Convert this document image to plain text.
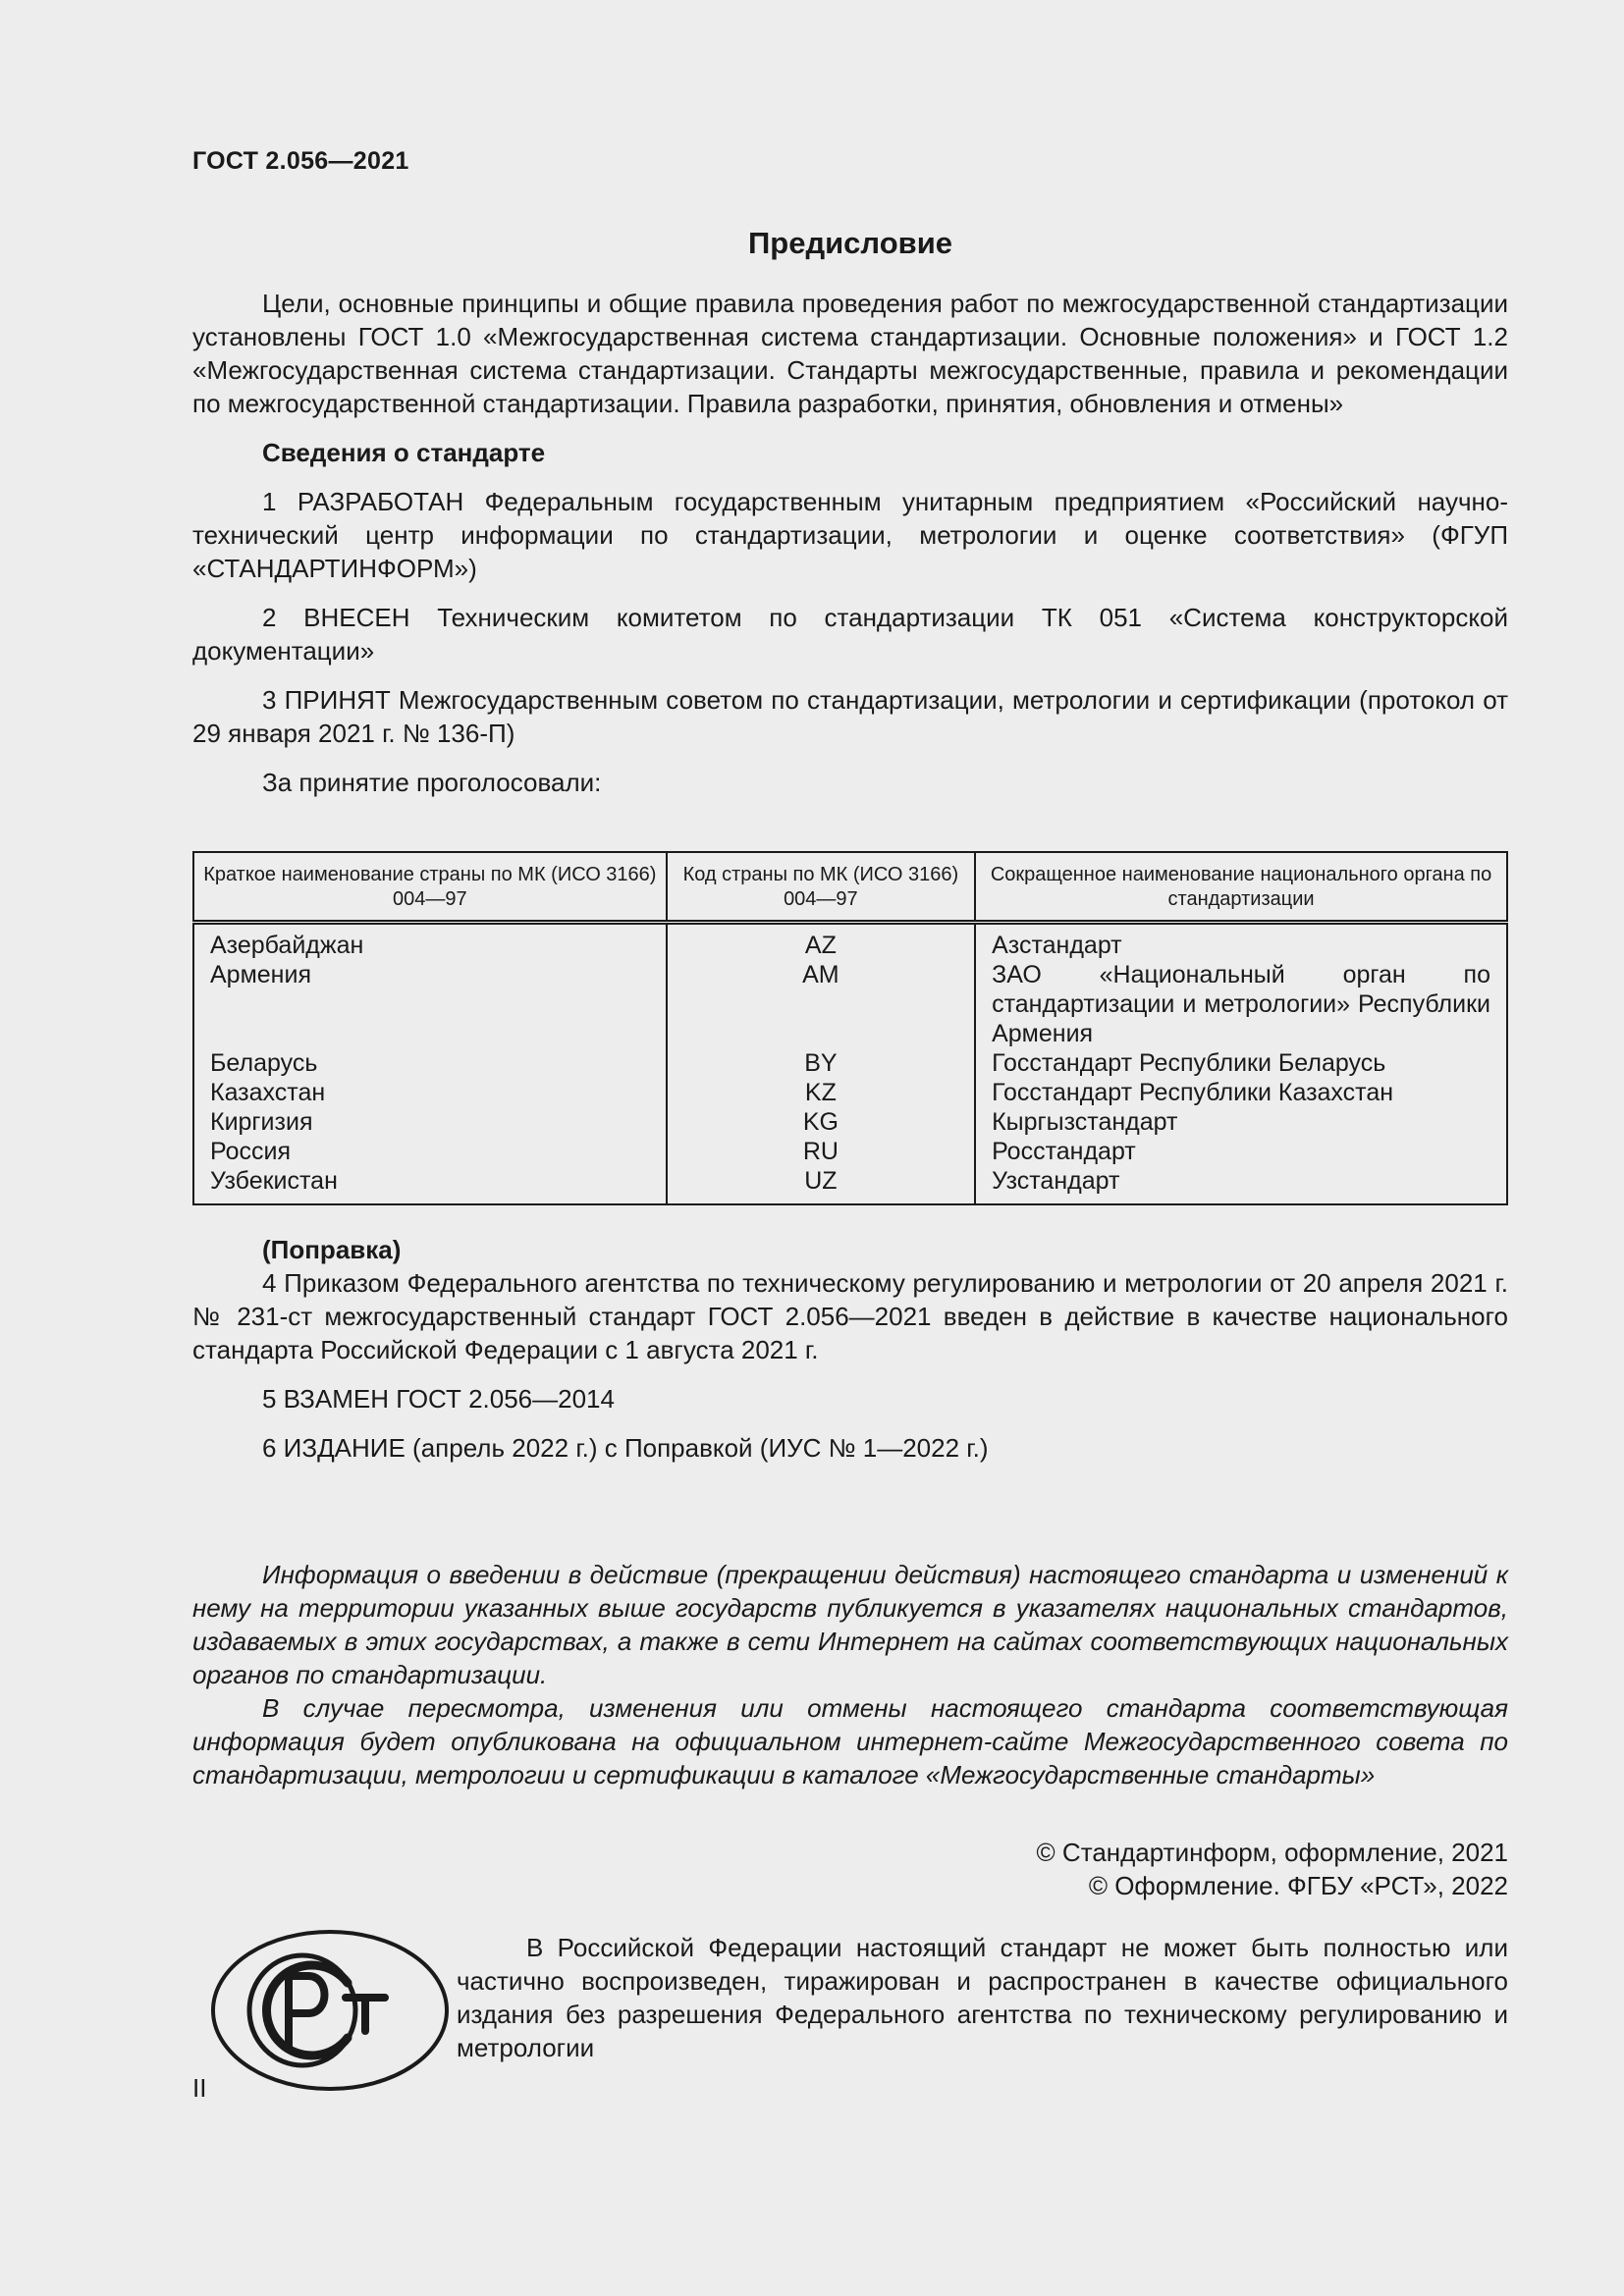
ГОСТ 2.056—2021
Предисловие

Цели, основные принципы и общие правила проведения работ по межгосударственной стандартизации установлены ГОСТ 1.0 «Межгосударственная система стандартизации. Основные положения» и ГОСТ 1.2 «Межгосударственная система стандартизации. Стандарты межгосударственные, правила и рекомендации по межгосударственной стандартизации. Правила разработки, принятия, обновления и отмены»

Сведения о стандарте

1 РАЗРАБОТАН Федеральным государственным унитарным предприятием «Российский научно-технический центр информации по стандартизации, метрологии и оценке соответствия» (ФГУП «СТАНДАРТИНФОРМ»)

2 ВНЕСЕН Техническим комитетом по стандартизации ТК 051 «Система конструкторской документации»

3 ПРИНЯТ Межгосударственным советом по стандартизации, метрологии и сертификации (протокол от 29 января 2021 г. № 136-П)

За принятие проголосовали:

Краткое наименование страны по МК (ИСО 3166) 004—97	Код страны по МК (ИСО 3166) 004—97	Сокращенное наименование национального органа по стандартизации
Азербайджан	AZ	Азстандарт
Армения	AM	ЗАО «Национальный орган по стандартизации и метрологии» Республики Армения
Беларусь	BY	Госстандарт Республики Беларусь
Казахстан	KZ	Госстандарт Республики Казахстан
Киргизия	KG	Кыргызстандарт
Россия	RU	Росстандарт
Узбекистан	UZ	Узстандарт

(Поправка)

4 Приказом Федерального агентства по техническому регулированию и метрологии от 20 апреля 2021 г. № 231-ст межгосударственный стандарт ГОСТ 2.056—2021 введен в действие в качестве национального стандарта Российской Федерации с 1 августа 2021 г.

5 ВЗАМЕН ГОСТ 2.056—2014

6 ИЗДАНИЕ (апрель 2022 г.) с Поправкой (ИУС № 1—2022 г.)

Информация о введении в действие (прекращении действия) настоящего стандарта и изменений к нему на территории указанных выше государств публикуется в указателях национальных стандартов, издаваемых в этих государствах, а также в сети Интернет на сайтах соответствующих национальных органов по стандартизации.

В случае пересмотра, изменения или отмены настоящего стандарта соответствующая информация будет опубликована на официальном интернет-сайте Межгосударственного совета по стандартизации, метрологии и сертификации в каталоге «Межгосударственные стандарты»

© Стандартинформ, оформление, 2021
© Оформление. ФГБУ «РСТ», 2022

В Российской Федерации настоящий стандарт не может быть полностью или частично воспроизведен, тиражирован и распространен в качестве официального издания без разрешения Федерального агентства по техническому регулированию и метрологии

II
